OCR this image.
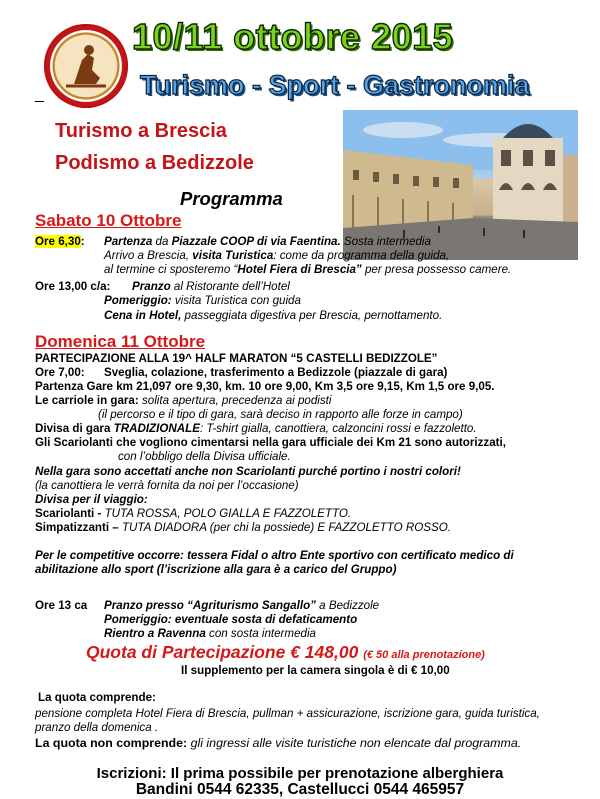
10/11 ottobre 2015
Turismo - Sport - Gastronomia
_
Turismo a Brescia
Podismo a Bedizzole
Programma
Sabato 10 Ottobre
Ore 6,30: Partenza da Piazzale COOP di via Faentina. Sosta intermedia
Arrivo a Brescia, visita Turistica: come da programma della guida,
al termine ci sposteremo “Hotel Fiera di Brescia” per presa possesso camere.
Ore 13,00 c/a: Pranzo al Ristorante dell’Hotel
Pomeriggio: visita Turistica con guida
Cena in Hotel, passeggiata digestiva per Brescia, pernottamento.
Domenica 11 Ottobre
PARTECIPAZIONE ALLA 19^ HALF MARATON “5 CASTELLI BEDIZZOLE”
Ore 7,00: Sveglia, colazione, trasferimento a Bedizzole (piazzale di gara)
Partenza Gare km 21,097 ore 9,30, km. 10 ore 9,00, Km 3,5 ore 9,15, Km 1,5 ore 9,05.
Le carriole in gara: solita apertura, precedenza ai podisti
(il percorso e il tipo di gara, sarà deciso in rapporto alle forze in campo)
Divisa di gara TRADIZIONALE: T-shirt gialla, canottiera, calzoncini rossi e fazzoletto.
Gli Scariolanti che vogliono cimentarsi nella gara ufficiale dei Km 21 sono autorizzati,
con l’obbligo della Divisa ufficiale.
Nella gara sono accettati anche non Scariolanti purché portino i nostri colori!
(la canottiera le verrà fornita da noi per l’occasione)
Divisa per il viaggio:
Scariolanti - TUTA ROSSA, POLO GIALLA E FAZZOLETTO.
Simpatizzanti – TUTA DIADORA (per chi la possiede) E FAZZOLETTO ROSSO.
Per le competitive occorre: tessera Fidal o altro Ente sportivo con certificato medico di
abilitazione allo sport (l’iscrizione alla gara è a carico del Gruppo)
Ore 13 ca Pranzo presso “Agriturismo Sangallo” a Bedizzole
Pomeriggio: eventuale sosta di defaticamento
Rientro a Ravenna con sosta intermedia
Quota di Partecipazione € 148,00 (€ 50 alla prenotazione)
Il supplemento per la camera singola è di € 10,00
La quota comprende:
pensione completa Hotel Fiera di Brescia, pullman + assicurazione, iscrizione gara, guida turistica,
pranzo della domenica .
La quota non comprende: gli ingressi alle visite turistiche non elencate dal programma.
Iscrizioni: Il prima possibile per prenotazione alberghiera
Bandini 0544 62335, Castellucci 0544 465957
